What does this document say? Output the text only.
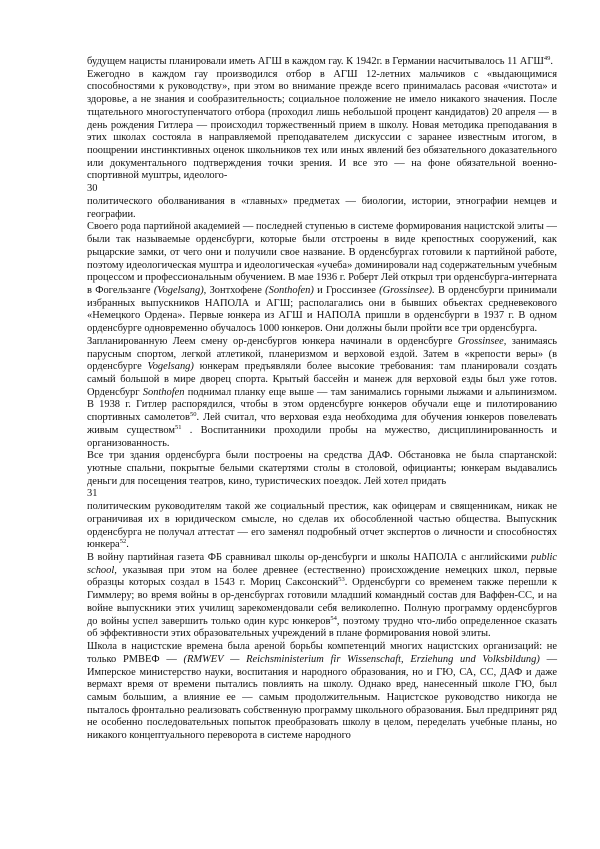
будущем нацисты планировали иметь АГШ в каждом гау. К 1942г. в Германии насчитывалось 11 АГШ$^{49}$.

Ежегодно в каждом гау производился отбор в АГШ 12-летних мальчиков с «выдающимися способностями к руководству», при этом во внимание прежде всего принималась расовая «чистота» и здоровье, а не знания и сообразительность; социальное положение не имело никакого значения. После тщательного многоступенчатого отбора (проходил лишь небольшой процент кандидатов) 20 апреля — в день рождения Гитлера — происходил торжественный прием в школу. Новая методика преподавания в этих школах состояла в направляемой преподавателем дискуссии с заранее известным итогом, в поощрении инстинктивных оценок школьников тех или иных явлений без обязательного доказательного или документального подтверждения точки зрения. И все это — на фоне обязательной военно-спортивной муштры, идеолого-

30

политического оболванивания в «главных» предметах — биологии, истории, этнографии немцев и географии.

Своего рода партийной академией — последней ступенью в системе формирования нацистской элиты — были так называемые орденсбурги, которые были отстроены в виде крепостных сооружений, как рыцарские замки, от чего они и получили свое название. В орденсбургах готовили к партийной работе, поэтому идеологическая муштра и идеологическая «учеба» доминировали над содержательным учебным процессом и профессиональным обучением. В мае 1936 г. Роберт Лей открыл три орденсбурга-интерната в Фогельзанге (Vogelsang), Зонтхофене (Sonthofen) и Гроссинзее (Grossinsee). В орденсбурги принимали избранных выпускников НАПОЛА и АГШ; располагались они в бывших объектах средневекового «Немецкого Ордена». Первые юнкера из АГШ и НАПОЛА пришли в орденсбурги в 1937 г. В одном орденсбурге одновременно обучалось 1000 юнкеров. Они должны были пройти все три орденсбурга.

Запланированную Леем смену ор-денсбургов юнкера начинали в орденсбурге Grossinsee, занимаясь парусным спортом, легкой атлетикой, планеризмом и верховой ездой. Затем в «крепости веры» (в орденсбурге Vogelsang) юнкерам предъявляли более высокие требования: там планировали создать самый большой в мире дворец спорта. Крытый бассейн и манеж для верховой езды был уже готов. Орденсбург Sonthofen поднимал планку еще выше — там занимались горными лыжами и альпинизмом. В 1938 г. Гитлер распорядился, чтобы в этом орденсбурге юнкеров обучали еще и пилотированию спортивных самолетов$^{50}$. Лей считал, что верховая езда необходима для обучения юнкеров повелевать живым существом$^{51}$ . Воспитанники проходили пробы на мужество, дисциплинированность и организованность.

Все три здания орденсбурга были построены на средства ДАФ. Обстановка не была спартанской: уютные спальни, покрытые белыми скатертями столы в столовой, официанты; юнкерам выдавались деньги для посещения театров, кино, туристических поездок. Лей хотел придать

31

политическим руководителям такой же социальный престиж, как офицерам и священникам, никак не ограничивая их в юридическом смысле, но сделав их обособленной частью общества. Выпускник орденсбурга не получал аттестат — его заменял подробный отчет экспертов о личности и способностях юнкера$^{52}$.

В войну партийная газета ФБ сравнивал школы ор-денсбурги и школы НАПОЛА с английскими public school, указывая при этом на более древнее (естественно) происхождение немецких школ, первые образцы которых создал в 1543 г. Мориц Саксонский$^{53}$. Орденсбурги со временем также перешли к Гиммлеру; во время войны в ор-денсбургах готовили младший командный состав для Ваффен-СС, и на войне выпускники этих училищ зарекомендовали себя великолепно. Полную программу орденсбургов до войны успел завершить только один курс юнкеров$^{54}$, поэтому трудно что-либо определенное сказать об эффективности этих образовательных учреждений в плане формирования новой элиты.

Школа в нацистские времена была ареной борьбы компетенций многих нацистских организаций: не только РМВЕФ — (RMWEV — Reichsministerium fir Wissenschaft, Erziehung und Volksbildung) — Имперское министерство науки, воспитания и народного образования, но и ГЮ, СА, СС, ДАФ и даже вермахт время от времени пытались повлиять на школу. Однако вред, нанесенный школе ГЮ, был самым большим, а влияние ее — самым продолжительным. Нацистское руководство никогда не пыталось фронтально реализовать собственную программу школьного образования. Был предпринят ряд не особенно последовательных попыток преобразовать школу в целом, переделать учебные планы, но никакого концептуального переворота в системе народного
